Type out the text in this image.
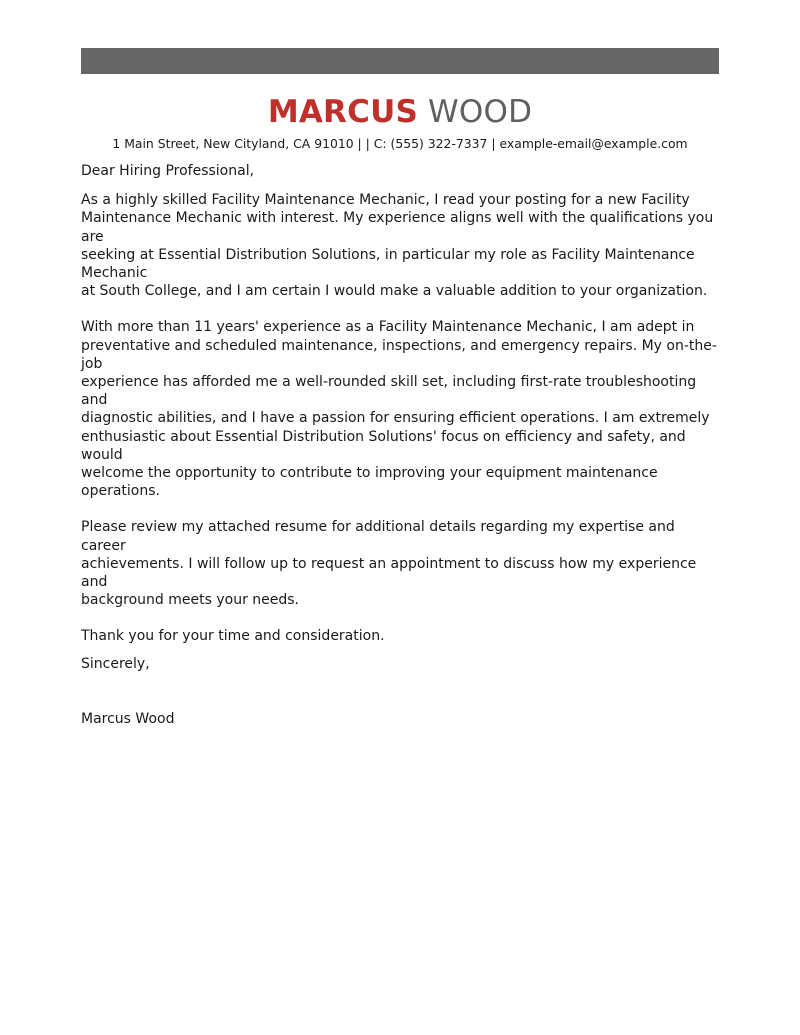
MARCUS WOOD
1 Main Street, New Cityland, CA 91010 | | C: (555) 322-7337 | example-email@example.com

Dear Hiring Professional,

As a highly skilled Facility Maintenance Mechanic, I read your posting for a new Facility
Maintenance Mechanic with interest. My experience aligns well with the qualifications you are
seeking at Essential Distribution Solutions, in particular my role as Facility Maintenance Mechanic
at South College, and I am certain I would make a valuable addition to your organization.

With more than 11 years' experience as a Facility Maintenance Mechanic, I am adept in
preventative and scheduled maintenance, inspections, and emergency repairs. My on-the-job
experience has afforded me a well-rounded skill set, including first-rate troubleshooting and
diagnostic abilities, and I have a passion for ensuring efficient operations. I am extremely
enthusiastic about Essential Distribution Solutions' focus on efficiency and safety, and would
welcome the opportunity to contribute to improving your equipment maintenance operations.

Please review my attached resume for additional details regarding my expertise and career
achievements. I will follow up to request an appointment to discuss how my experience and
background meets your needs.

Thank you for your time and consideration.

Sincerely,

Marcus Wood
